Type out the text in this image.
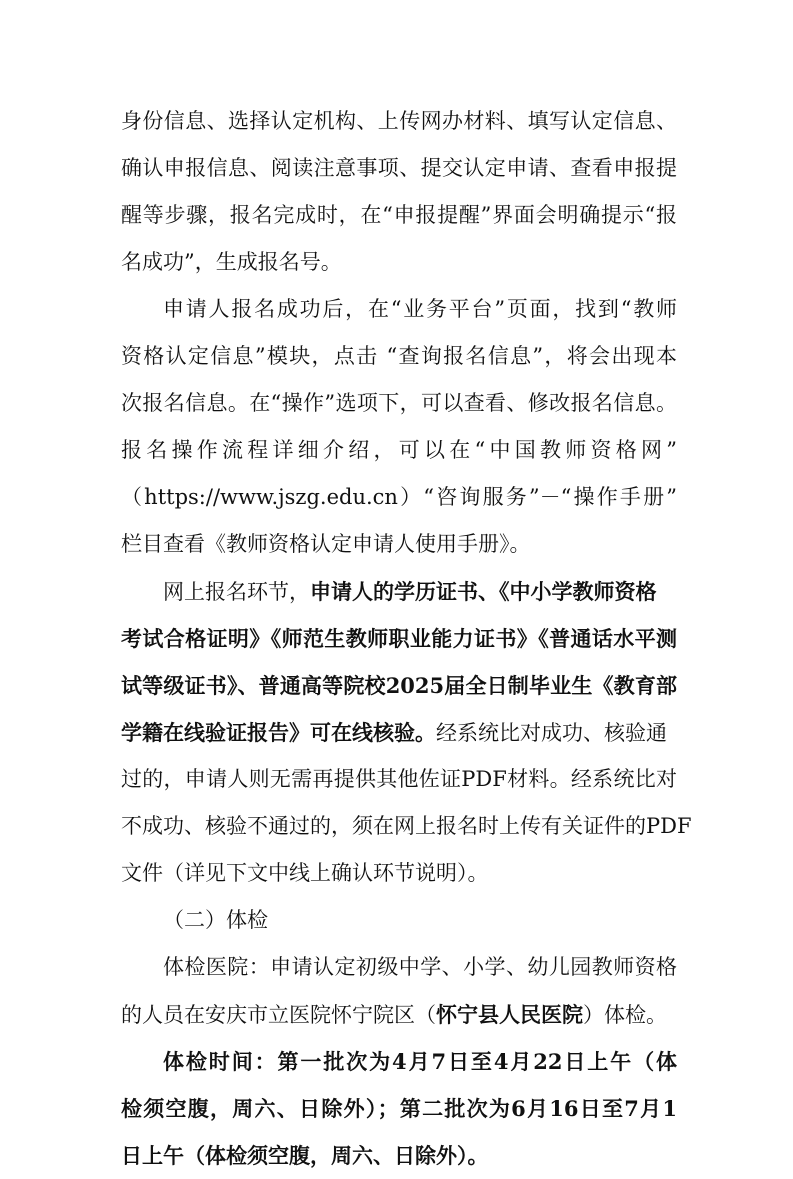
身份信息、选择认定机构、上传网办材料、填写认定信息、
确认申报信息、阅读注意事项、提交认定申请、查看申报提
醒等步骤，报名完成时，在“申报提醒”界面会明确提示“报
名成功”，生成报名号。
申请人报名成功后，在“业务平台”页面，找到“教师
资格认定信息”模块，点击 “查询报名信息”，将会出现本
次报名信息。在“操作”选项下，可以查看、修改报名信息。
报名操作流程详细介绍，可以在“中国教师资格网”
（https://www.jszg.edu.cn）“咨询服务”－“操作手册”
栏目查看《教师资格认定申请人使用手册》。
网上报名环节，申请人的学历证书、《中小学教师资格
考试合格证明》《师范生教师职业能力证书》《普通话水平测
试等级证书》、普通高等院校2025届全日制毕业生《教育部
学籍在线验证报告》可在线核验。经系统比对成功、核验通
过的，申请人则无需再提供其他佐证PDF材料。经系统比对
不成功、核验不通过的，须在网上报名时上传有关证件的PDF
文件（详见下文中线上确认环节说明）。
（二）体检
体检医院：申请认定初级中学、小学、幼儿园教师资格
的人员在安庆市立医院怀宁院区（怀宁县人民医院）体检。
体检时间：第一批次为4月7日至4月22日上午（体
检须空腹，周六、日除外）；第二批次为6月16日至7月1
日上午（体检须空腹，周六、日除外）。
